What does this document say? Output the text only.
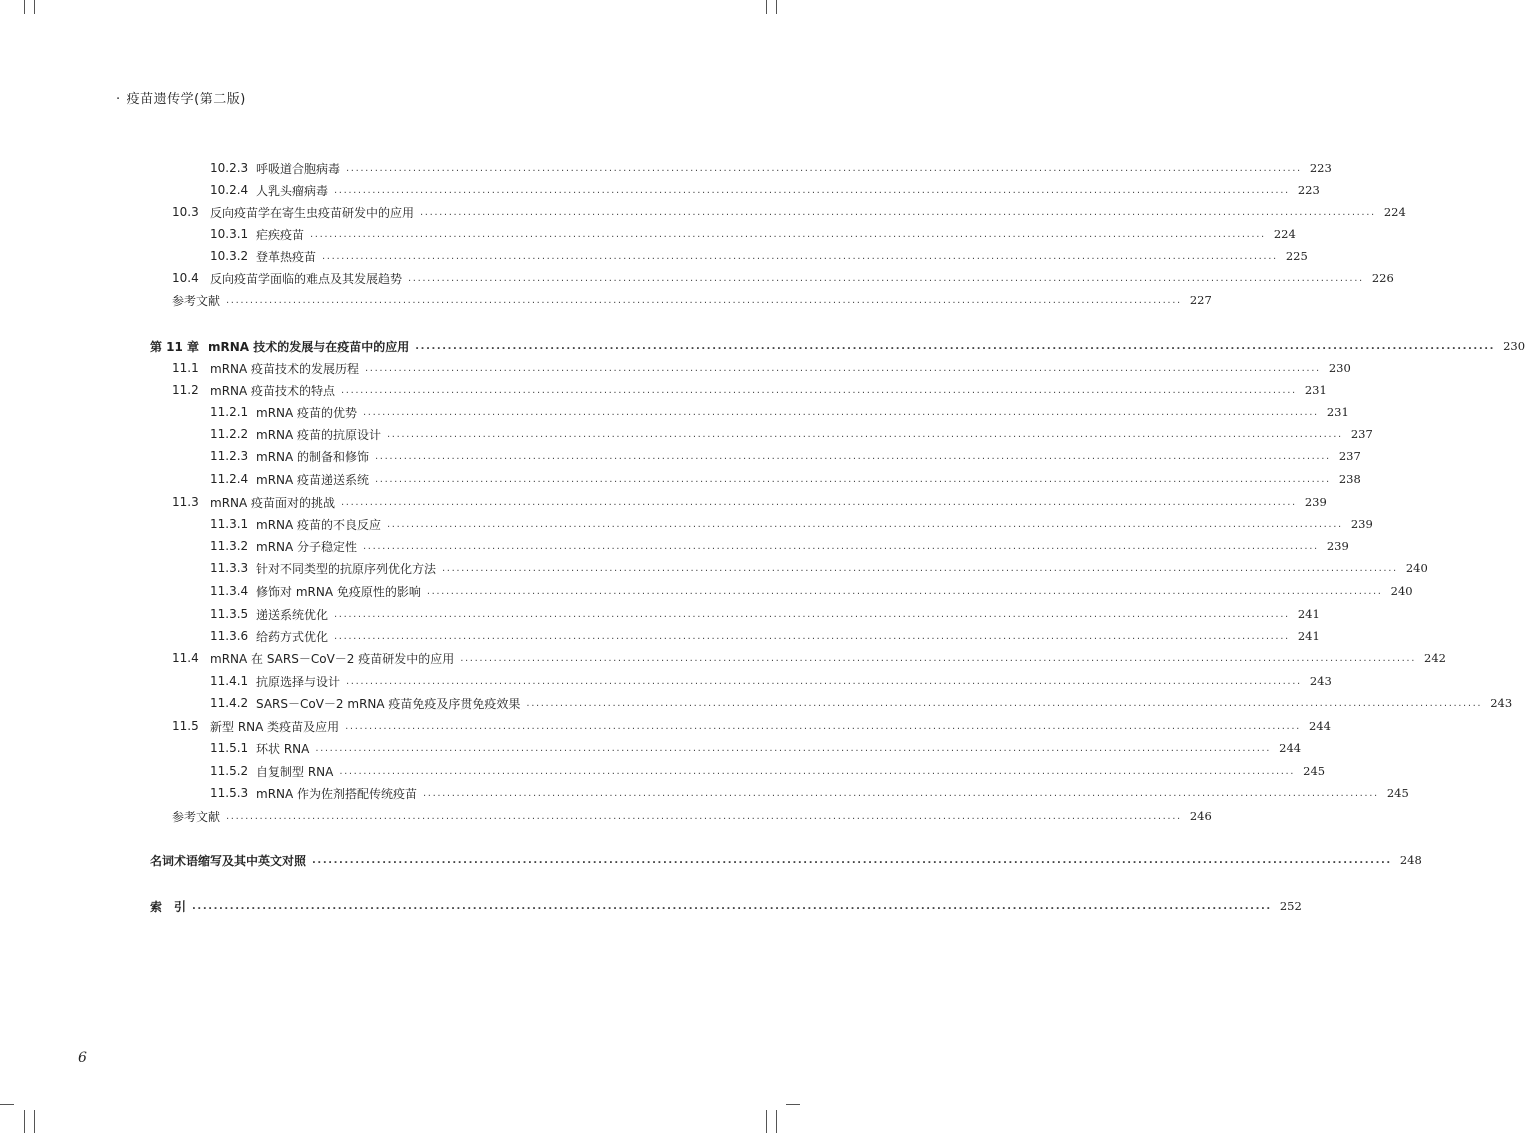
· 疫苗遗传学(第二版)
10.2.3 呼吸道合胞病毒 ........................................................................................................................................................................................................ 223
10.2.4 人乳头瘤病毒 ........................................................................................................................................................................................................ 223
10.3 反向疫苗学在寄生虫疫苗研发中的应用 ........................................................................................................................................................................................................ 224
10.3.1 疟疾疫苗 ........................................................................................................................................................................................................ 224
10.3.2 登革热疫苗 ........................................................................................................................................................................................................ 225
10.4 反向疫苗学面临的难点及其发展趋势 ........................................................................................................................................................................................................ 226
参考文献 ........................................................................................................................................................................................................ 227
第 11 章 mRNA 技术的发展与在疫苗中的应用 ........................................................................................................................................................................................................ 230
11.1 mRNA 疫苗技术的发展历程 ........................................................................................................................................................................................................ 230
11.2 mRNA 疫苗技术的特点 ........................................................................................................................................................................................................ 231
11.2.1 mRNA 疫苗的优势 ........................................................................................................................................................................................................ 231
11.2.2 mRNA 疫苗的抗原设计 ........................................................................................................................................................................................................ 237
11.2.3 mRNA 的制备和修饰 ........................................................................................................................................................................................................ 237
11.2.4 mRNA 疫苗递送系统 ........................................................................................................................................................................................................ 238
11.3 mRNA 疫苗面对的挑战 ........................................................................................................................................................................................................ 239
11.3.1 mRNA 疫苗的不良反应 ........................................................................................................................................................................................................ 239
11.3.2 mRNA 分子稳定性 ........................................................................................................................................................................................................ 239
11.3.3 针对不同类型的抗原序列优化方法 ........................................................................................................................................................................................................ 240
11.3.4 修饰对 mRNA 免疫原性的影响 ........................................................................................................................................................................................................ 240
11.3.5 递送系统优化 ........................................................................................................................................................................................................ 241
11.3.6 给药方式优化 ........................................................................................................................................................................................................ 241
11.4 mRNA 在 SARS－CoV－2 疫苗研发中的应用 ........................................................................................................................................................................................................ 242
11.4.1 抗原选择与设计 ........................................................................................................................................................................................................ 243
11.4.2 SARS－CoV－2 mRNA 疫苗免疫及序贯免疫效果 ........................................................................................................................................................................................................ 243
11.5 新型 RNA 类疫苗及应用 ........................................................................................................................................................................................................ 244
11.5.1 环状 RNA ........................................................................................................................................................................................................ 244
11.5.2 自复制型 RNA ........................................................................................................................................................................................................ 245
11.5.3 mRNA 作为佐剂搭配传统疫苗 ........................................................................................................................................................................................................ 245
参考文献 ........................................................................................................................................................................................................ 246
名词术语缩写及其中英文对照 ........................................................................................................................................................................................................ 248
索　引 ........................................................................................................................................................................................................ 252
6
